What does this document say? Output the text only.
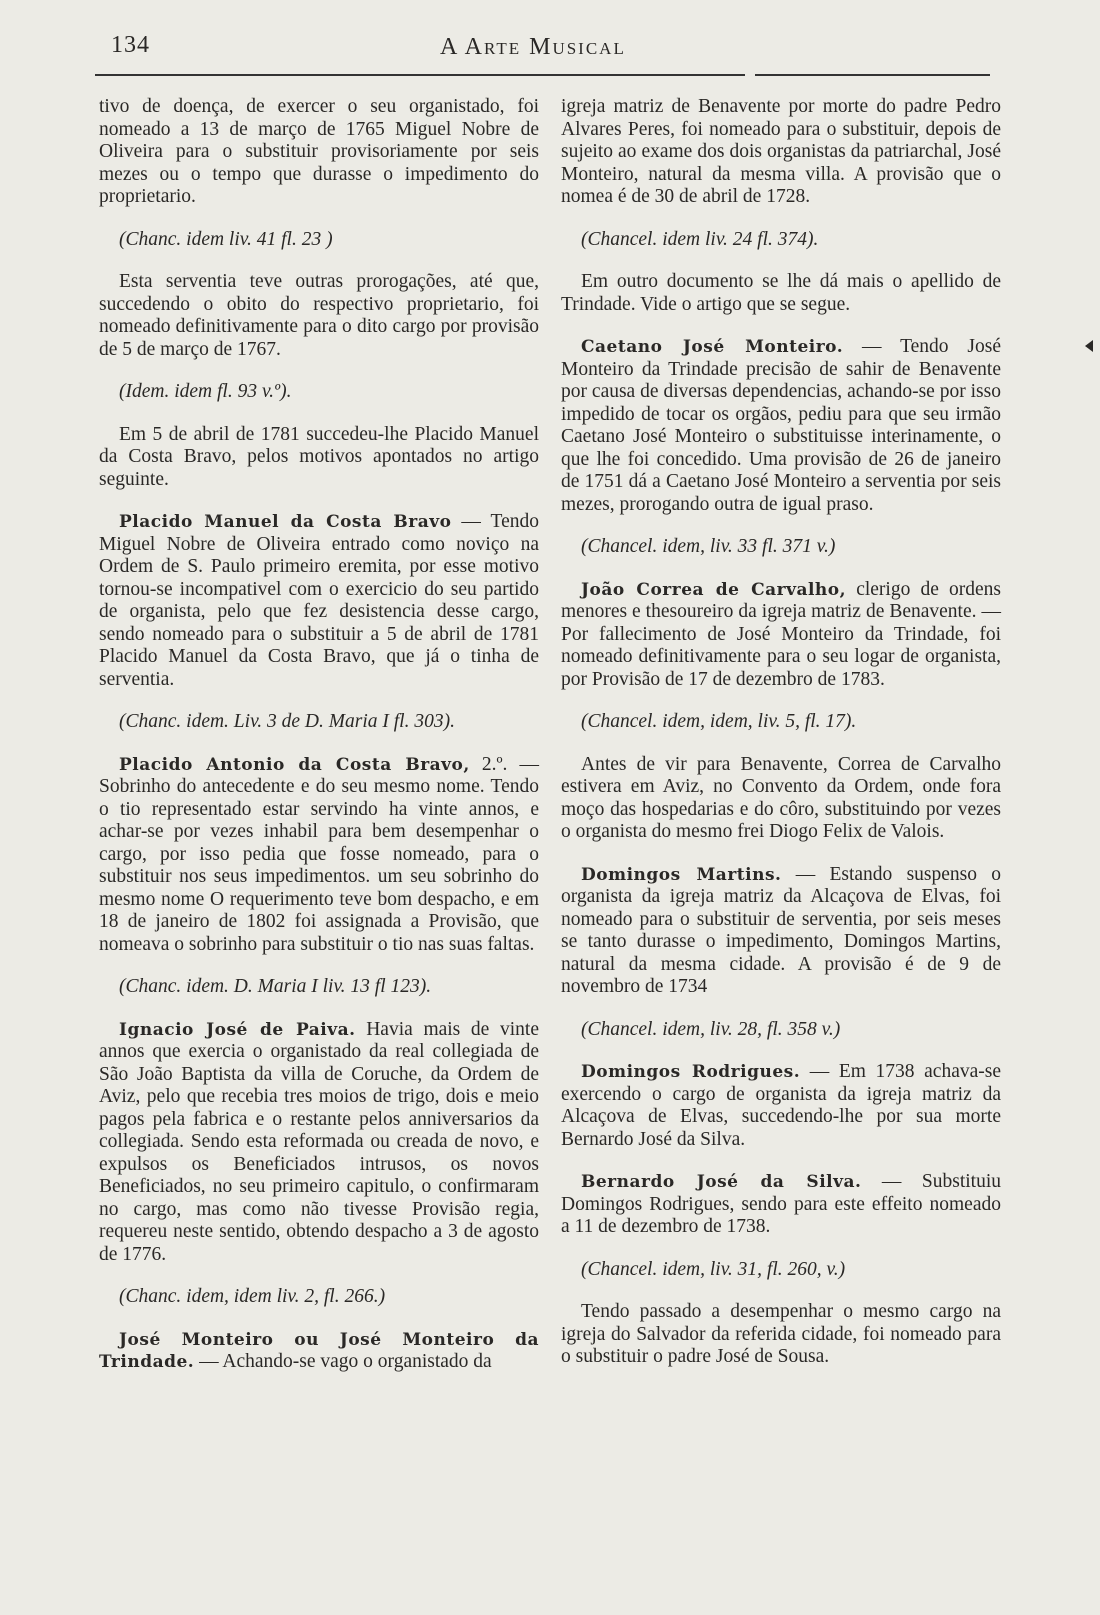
134	A Arte Musical

tivo de doença, de exercer o seu organistado, foi nomeado a 13 de março de 1765 Miguel Nobre de Oliveira para o substituir provisoriamente por seis mezes ou o tempo que durasse o impedimento do proprietario.

(Chanc. idem liv. 41 fl. 23 )

Esta serventia teve outras prorogações, até que, succedendo o obito do respectivo proprietario, foi nomeado definitivamente para o dito cargo por provisão de 5 de março de 1767.

(Idem. idem fl. 93 v.º).

Em 5 de abril de 1781 succedeu-lhe Placido Manuel da Costa Bravo, pelos motivos apontados no artigo seguinte.

Placido Manuel da Costa Bravo — Tendo Miguel Nobre de Oliveira entrado como noviço na Ordem de S. Paulo primeiro eremita, por esse motivo tornou-se incompativel com o exercicio do seu partido de organista, pelo que fez desistencia desse cargo, sendo nomeado para o substituir a 5 de abril de 1781 Placido Manuel da Costa Bravo, que já o tinha de serventia.

(Chanc. idem. Liv. 3 de D. Maria I fl. 303).

Placido Antonio da Costa Bravo, 2.º. — Sobrinho do antecedente e do seu mesmo nome. Tendo o tio representado estar servindo ha vinte annos, e achar-se por vezes inhabil para bem desempenhar o cargo, por isso pedia que fosse nomeado, para o substituir nos seus impedimentos. um seu sobrinho do mesmo nome O requerimento teve bom despacho, e em 18 de janeiro de 1802 foi assignada a Provisão, que nomeava o sobrinho para substituir o tio nas suas faltas.

(Chanc. idem. D. Maria I liv. 13 fl 123).

Ignacio José de Paiva. Havia mais de vinte annos que exercia o organistado da real collegiada de São João Baptista da villa de Coruche, da Ordem de Aviz, pelo que recebia tres moios de trigo, dois e meio pagos pela fabrica e o restante pelos anniversarios da collegiada. Sendo esta reformada ou creada de novo, e expulsos os Beneficiados intrusos, os novos Beneficiados, no seu primeiro capitulo, o confirmaram no cargo, mas como não tivesse Provisão regia, requereu neste sentido, obtendo despacho a 3 de agosto de 1776.

(Chanc. idem, idem liv. 2, fl. 266.)

José Monteiro ou José Monteiro da Trindade. — Achando-se vago o organistado da

igreja matriz de Benavente por morte do padre Pedro Alvares Peres, foi nomeado para o substituir, depois de sujeito ao exame dos dois organistas da patriarchal, José Monteiro, natural da mesma villa. A provisão que o nomea é de 30 de abril de 1728.

(Chancel. idem liv. 24 fl. 374).

Em outro documento se lhe dá mais o apellido de Trindade. Vide o artigo que se segue.

Caetano José Monteiro. — Tendo José Monteiro da Trindade precisão de sahir de Benavente por causa de diversas dependencias, achando-se por isso impedido de tocar os orgãos, pediu para que seu irmão Caetano José Monteiro o substituisse interinamente, o que lhe foi concedido. Uma provisão de 26 de janeiro de 1751 dá a Caetano José Monteiro a serventia por seis mezes, prorogando outra de igual praso.

(Chancel. idem, liv. 33 fl. 371 v.)

João Correa de Carvalho, clerigo de ordens menores e thesoureiro da igreja matriz de Benavente. — Por fallecimento de José Monteiro da Trindade, foi nomeado definitivamente para o seu logar de organista, por Provisão de 17 de dezembro de 1783.

(Chancel. idem, idem, liv. 5, fl. 17).

Antes de vir para Benavente, Correa de Carvalho estivera em Aviz, no Convento da Ordem, onde fora moço das hospedarias e do côro, substituindo por vezes o organista do mesmo frei Diogo Felix de Valois.

Domingos Martins. — Estando suspenso o organista da igreja matriz da Alcaçova de Elvas, foi nomeado para o substituir de serventia, por seis meses se tanto durasse o impedimento, Domingos Martins, natural da mesma cidade. A provisão é de 9 de novembro de 1734

(Chancel. idem, liv. 28, fl. 358 v.)

Domingos Rodrigues. — Em 1738 achava-se exercendo o cargo de organista da igreja matriz da Alcaçova de Elvas, succedendo-lhe por sua morte Bernardo José da Silva.

Bernardo José da Silva. — Substituiu Domingos Rodrigues, sendo para este effeito nomeado a 11 de dezembro de 1738.

(Chancel. idem, liv. 31, fl. 260, v.)

Tendo passado a desempenhar o mesmo cargo na igreja do Salvador da referida cidade, foi nomeado para o substituir o padre José de Sousa.
